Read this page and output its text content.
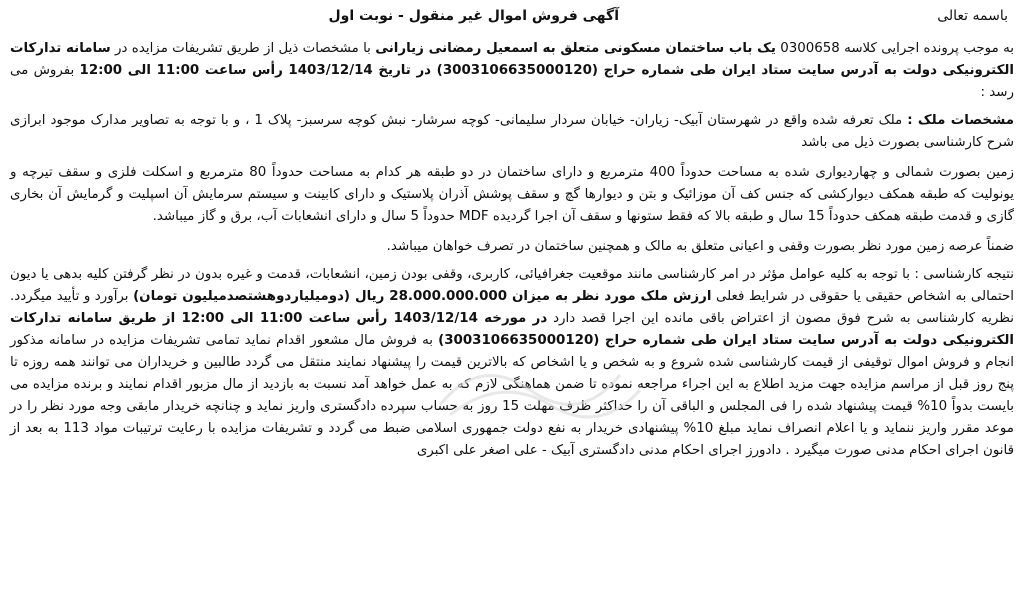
باسمه تعالی
آگهی فروش اموال غیر منقول - نوبت اول

به موجب پرونده اجرایی کلاسه 0300658 یک باب ساختمان مسکونی متعلق به اسمعیل رمضانی زیارانی با مشخصات ذیل از طریق تشریفات مزایده در سامانه تدارکات الکترونیکی دولت به آدرس سایت ستاد ایران طی شماره حراج (3003106635000120) در تاریخ 1403/12/14 رأس ساعت 11:00 الی 12:00 بفروش می رسد :

مشخصات ملک : ملک تعرفه شده واقع در شهرستان آبیک- زیاران- خیابان سردار سلیمانی- کوچه سرشار- نبش کوچه سرسبز- پلاک 1 ، و با توجه به تصاویر مدارک موجود ابرازی شرح کارشناسی بصورت ذیل می باشد

زمین بصورت شمالی و چهاردیواری شده به مساحت حدوداً 400 مترمربع و دارای ساختمان در دو طبقه هر کدام به مساحت حدوداً 80 مترمربع و اسکلت فلزی و سقف تیرچه و یونولیت که طبقه همکف دیوارکشی که جنس کف آن موزائیک و بتن و دیوارها گچ و سقف پوشش آذران پلاستیک و دارای کابینت و سیستم سرمایش آن اسپلیت و گرمایش آن بخاری گازی و قدمت طبقه همکف حدوداً 15 سال و طبقه بالا که فقط ستونها و سقف آن اجرا گردیده MDF حدوداً 5 سال و دارای انشعابات آب، برق و گاز میباشد.

ضمناً عرصه زمین مورد نظر بصورت وقفی و اعیانی متعلق به مالک و همچنین ساختمان در تصرف خواهان میباشد.

نتیجه کارشناسی : با توجه به کلیه عوامل مؤثر در امر کارشناسی مانند موقعیت جغرافیائی، کاربری، وقفی بودن زمین، انشعابات، قدمت و غیره بدون در نظر گرفتن کلیه بدهی یا دیون احتمالی به اشخاص حقیقی یا حقوقی در شرایط فعلی ارزش ملک مورد نظر به میزان 28.000.000.000 ریال (دومیلیاردوهشتصدمیلیون تومان) برآورد و تأیید میگردد. نظریه کارشناسی به شرح فوق مصون از اعتراض باقی مانده این اجرا قصد دارد در مورخه 1403/12/14 رأس ساعت 11:00 الی 12:00 از طریق سامانه تدارکات الکترونیکی دولت به آدرس سایت ستاد ایران طی شماره حراج (3003106635000120) به فروش مال مشعور اقدام نماید تمامی تشریفات مزایده در سامانه مذکور انجام و فروش اموال توقیفی از قیمت کارشناسی شده شروع و به شخص و یا اشخاص که بالاترین قیمت را پیشنهاد نمایند منتقل می گردد طالبین و خریداران می توانند همه روزه تا پنج روز قبل از مراسم مزایده جهت مزید اطلاع به این اجراء مراجعه نموده تا ضمن هماهنگی لازم که به عمل خواهد آمد نسبت به بازدید از مال مزبور اقدام نمایند و برنده مزایده می بایست بدواً 10% قیمت پیشنهاد شده را فی المجلس و الباقی آن را حداکثر ظرف مهلت 15 روز به حساب سپرده دادگستری واریز نماید و چنانچه خریدار مابقی وجه مورد نظر را در موعد مقرر واریز ننماید و یا اعلام انصراف نماید مبلغ 10% پیشنهادی خریدار به نفع دولت جمهوری اسلامی ضبط می گردد و تشریفات مزایده با رعایت ترتیبات مواد 113 به بعد از قانون اجرای احکام مدنی صورت میگیرد . دادورز اجرای احکام مدنی دادگستری آبیک - علی اصغر علی اکبری
